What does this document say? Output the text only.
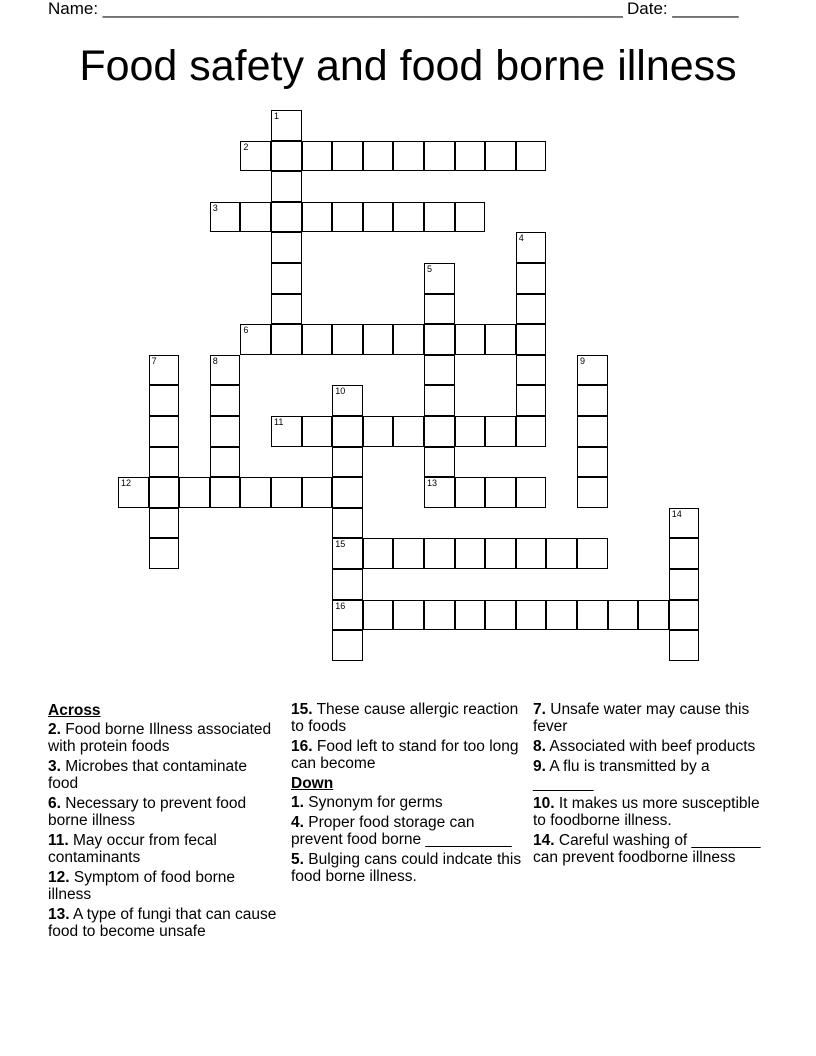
Name: _______________________________________________________ Date: _______
Food safety and food borne illness
1
2
3
4
5
13
6
7	8	9
10
15
16
11
12
14
Across
2. Food borne Illness associated with protein foods
3. Microbes that contaminate food
6. Necessary to prevent food borne illness
11. May occur from fecal contaminants
12. Symptom of food borne illness
13. A type of fungi that can cause food to become unsafe
15. These cause allergic reaction to foods
16. Food left to stand for too long can become
Down
1. Synonym for germs
4. Proper food storage can prevent food borne __________
5. Bulging cans could indcate this food borne illness.
7. Unsafe water may cause this fever
8. Associated with beef products
9. A flu is transmitted by a _______
10. It makes us more susceptible to foodborne illness.
14. Careful washing of ________ can prevent foodborne illness
